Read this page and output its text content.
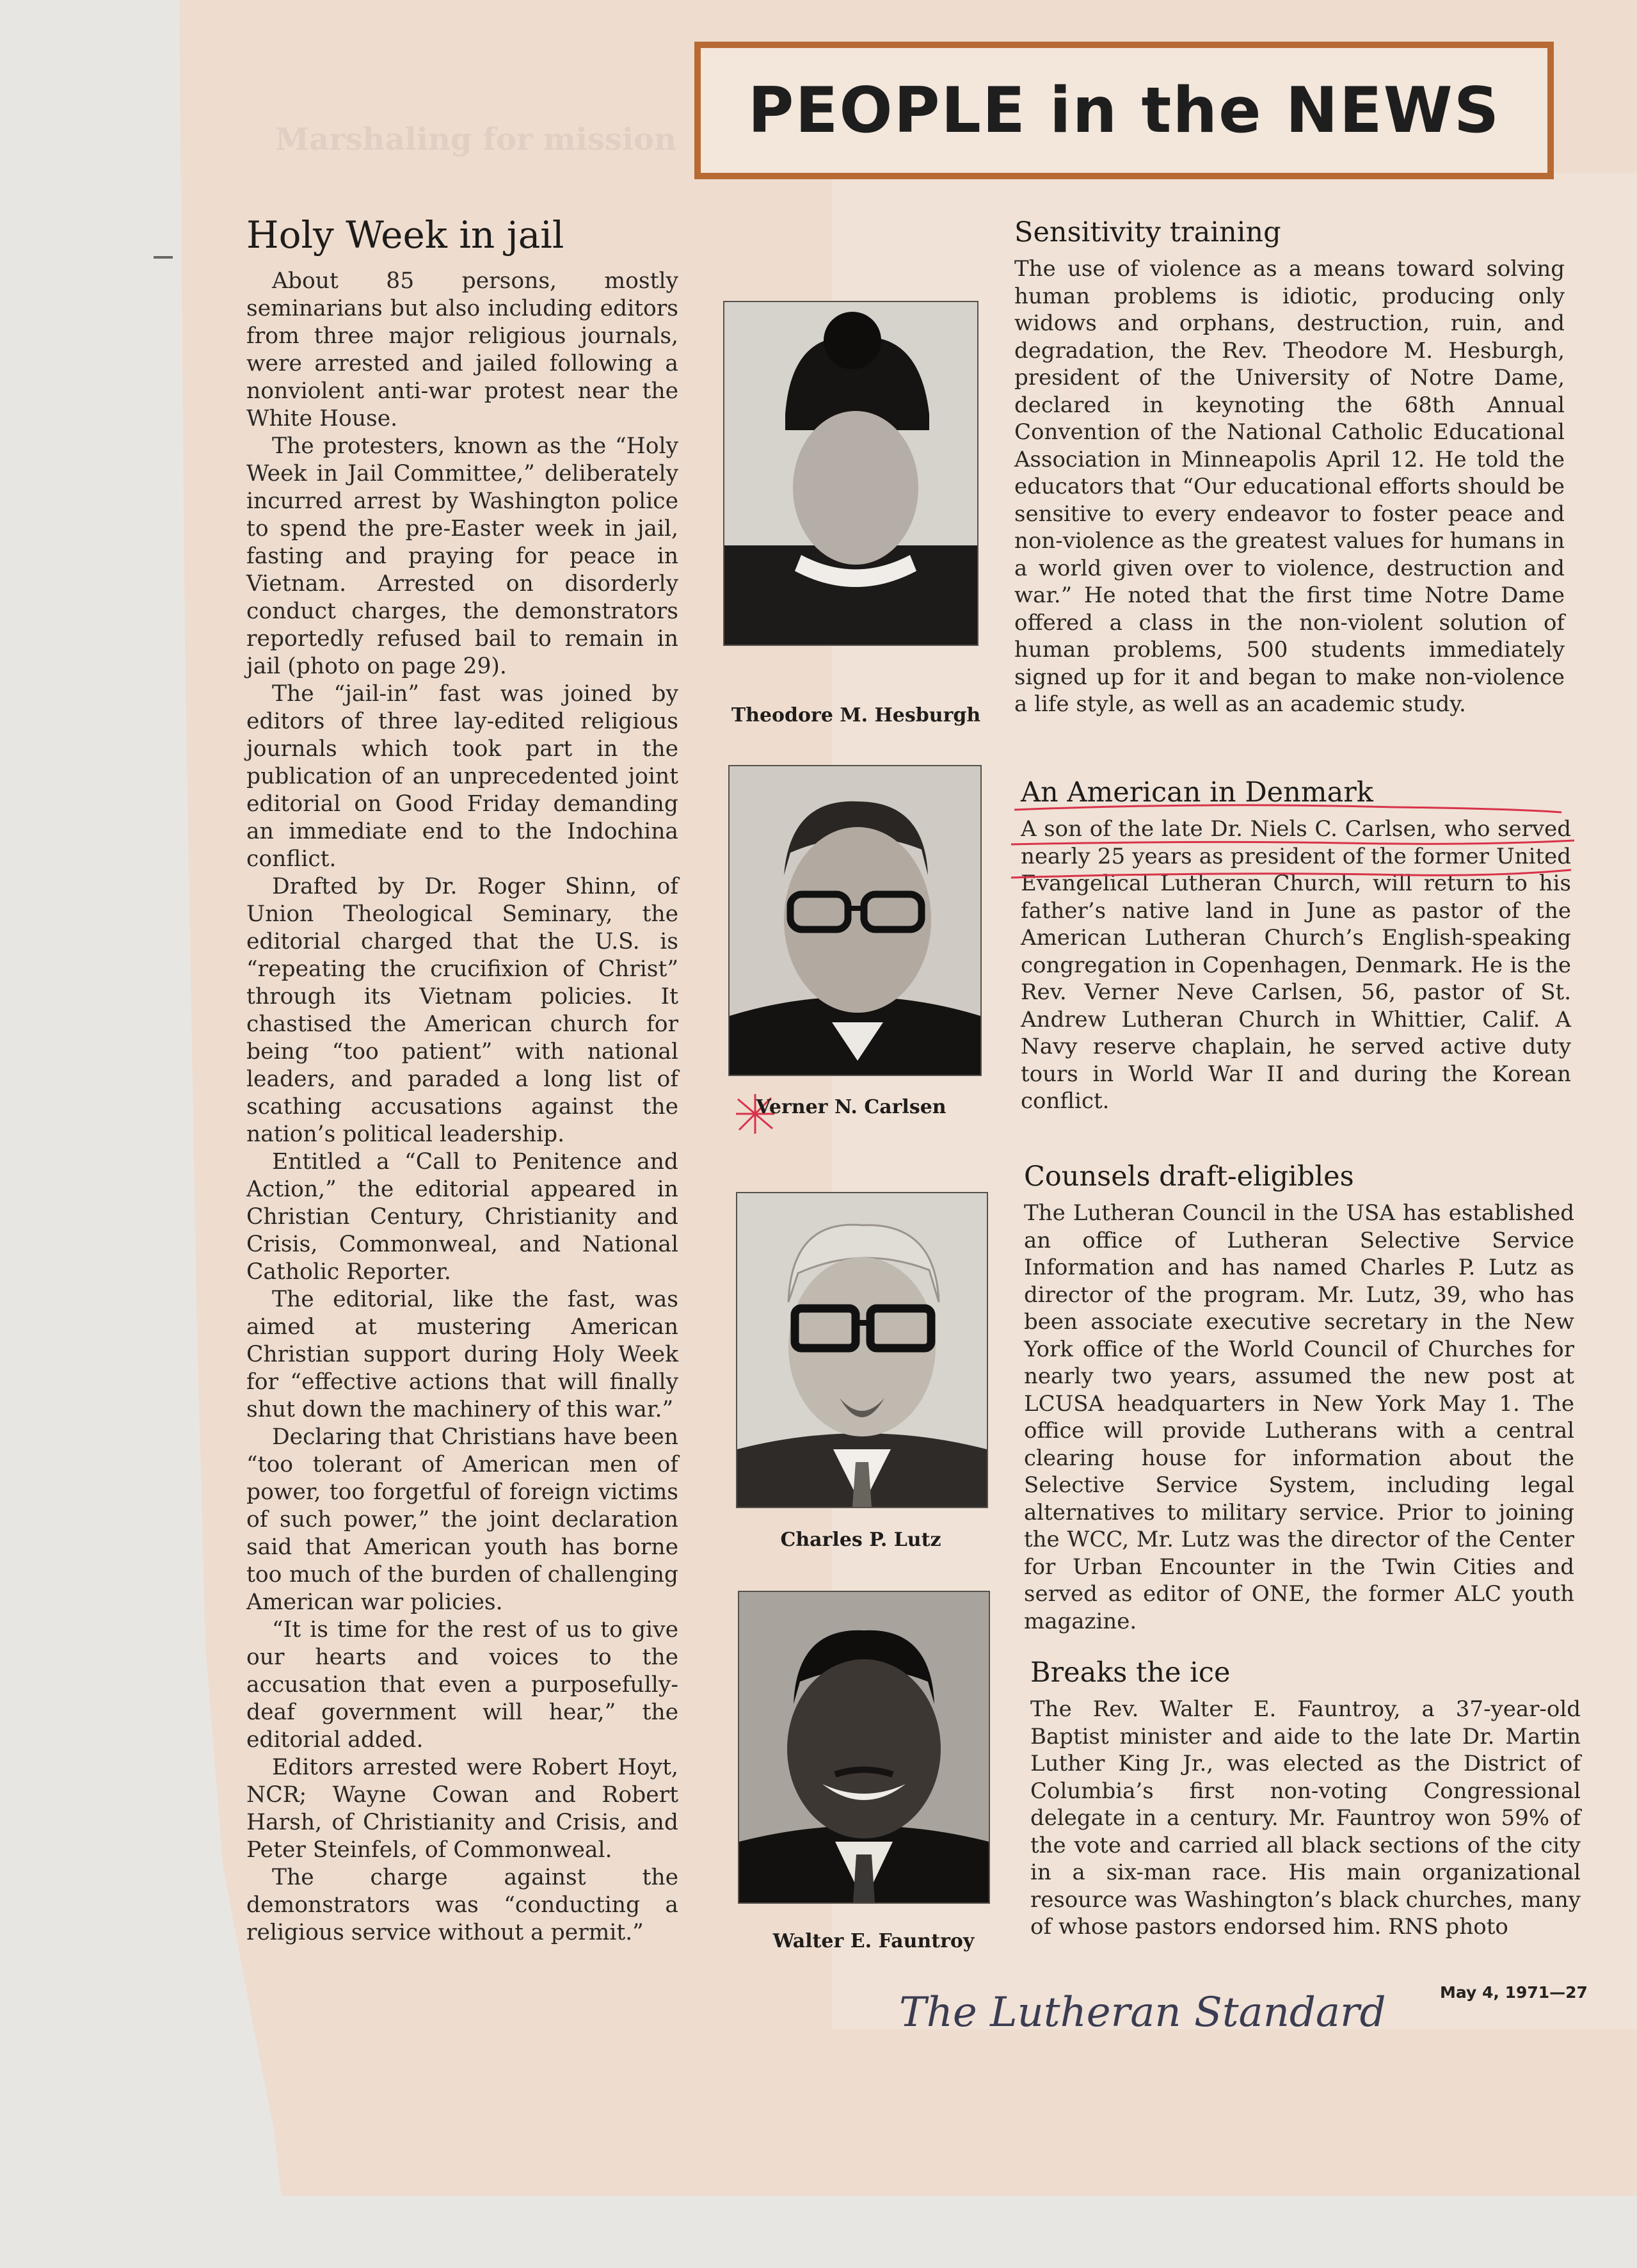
Marshaling for mission PEOPLE in the NEWS
Holy Week in jail

About 85 persons, mostly seminarians but also including editors from three major religious journals, were arrested and jailed following a nonviolent anti-war protest near the White House.

The protesters, known as the “Holy Week in Jail Committee,” deliberately incurred arrest by Washington police to spend the pre-Easter week in jail, fasting and praying for peace in Vietnam. Arrested on disorderly conduct charges, the demonstrators reportedly refused bail to remain in jail (photo on page 29).

The “jail-in” fast was joined by editors of three lay-edited religious journals which took part in the publication of an unprecedented joint editorial on Good Friday demanding an immediate end to the Indochina conflict.

Drafted by Dr. Roger Shinn, of Union Theological Seminary, the editorial charged that the U.S. is “repeating the crucifixion of Christ” through its Vietnam policies. It chastised the American church for being “too patient” with national leaders, and paraded a long list of scathing accusations against the nation’s political leadership.

Entitled a “Call to Penitence and Action,” the editorial appeared in Christian Century, Christianity and Crisis, Commonweal, and National Catholic Reporter.

The editorial, like the fast, was aimed at mustering American Christian support during Holy Week for “effective actions that will finally shut down the machinery of this war.”

Declaring that Christians have been “too tolerant of American men of power, too forgetful of foreign victims of such power,” the joint declaration said that American youth has borne too much of the burden of challenging American war policies.

“It is time for the rest of us to give our hearts and voices to the accusation that even a purposefully-deaf government will hear,” the editorial added.

Editors arrested were Robert Hoyt, NCR; Wayne Cowan and Robert Harsh, of Christianity and Crisis, and Peter Steinfels, of Commonweal.

The charge against the demonstrators was “conducting a religious service without a permit.”

Theodore M. Hesburgh
Verner N. Carlsen
Charles P. Lutz
Walter E. Fauntroy
Sensitivity training

The use of violence as a means toward solving human problems is idiotic, producing only widows and orphans, destruction, ruin, and degradation, the Rev. Theodore M. Hesburgh, president of the University of Notre Dame, declared in keynoting the 68th Annual Convention of the National Catholic Educational Association in Minneapolis April 12. He told the educators that “Our educational efforts should be sensitive to every endeavor to foster peace and non-violence as the greatest values for humans in a world given over to violence, destruction and war.” He noted that the first time Notre Dame offered a class in the non-violent solution of human problems, 500 students immediately signed up for it and began to make non-violence a life style, as well as an academic study.

An American in Denmark

A son of the late Dr. Niels C. Carlsen, who served nearly 25 years as president of the former United Evangelical Lutheran Church, will return to his father’s native land in June as pastor of the American Lutheran Church’s English-speaking congregation in Copenhagen, Denmark. He is the Rev. Verner Neve Carlsen, 56, pastor of St. Andrew Lutheran Church in Whittier, Calif. A Navy reserve chaplain, he served active duty tours in World War II and during the Korean conflict.

Counsels draft-eligibles

The Lutheran Council in the USA has established an office of Lutheran Selective Service Information and has named Charles P. Lutz as director of the program. Mr. Lutz, 39, who has been associate executive secretary in the New York office of the World Council of Churches for nearly two years, assumed the new post at LCUSA headquarters in New York May 1. The office will provide Lutherans with a central clearing house for information about the Selective Service System, including legal alternatives to military service. Prior to joining the WCC, Mr. Lutz was the director of the Center for Urban Encounter in the Twin Cities and served as editor of ONE, the former ALC youth magazine.

Breaks the ice

The Rev. Walter E. Fauntroy, a 37-year-old Baptist minister and aide to the late Dr. Martin Luther King Jr., was elected as the District of Columbia’s first non-voting Congressional delegate in a century. Mr. Fauntroy won 59% of the vote and carried all black sections of the city in a six-man race. His main organizational resource was Washington’s black churches, many of whose pastors endorsed him. RNS photo

The Lutheran Standard	May 4, 1971—27
